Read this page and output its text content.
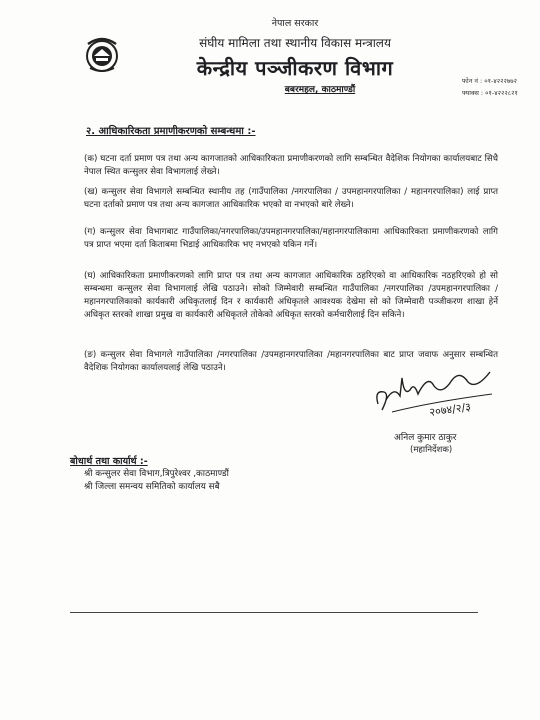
नेपाल सरकार
संघीय मामिला तथा स्थानीय विकास मन्त्रालय
केन्द्रीय पञ्जीकरण विभाग
बबरमहल, काठमाण्डौं
फोन नं : ०१-४२२२७७२
फ्याक्स : ०१-४२२२८२१
२. आधिकारिकता प्रमाणीकरणको सम्बन्धमा :-

(क) घटना दर्ता प्रमाण पत्र तथा अन्य कागजातको आधिकारिकता प्रमाणीकरणको लागि सम्बन्धित वैदेशिक नियोगका कार्यालयबाट सिधै नेपाल स्थित कन्सुलर सेवा विभागलाई लेख्ने।

(ख) कन्सुलर सेवा विभागले सम्बन्धित स्थानीय तह (गाउँपालिका /नगरपालिका / उपमहानगरपालिका / महानगरपालिका) लाई प्राप्त घटना दर्ताको प्रमाण पत्र तथा अन्य कागजात आधिकारिक भएको वा नभएको बारे लेख्ने।

(ग) कन्सुलर सेवा विभागबाट गाउँपालिका/नगरपालिका/उपमहानगरपालिका/महानगरपालिकामा आधिकारिकता प्रमाणीकरणको लागि पत्र प्राप्त भएमा दर्ता किताबमा भिडाई आधिकारिक भए नभएको यकिन गर्ने।

(घ) आधिकारिकता प्रमाणीकरणको लागि प्राप्त पत्र तथा अन्य कागजात आधिकारिक ठहरिएको वा आधिकारिक नठहरिएको हो सो सम्बन्धमा कन्सुलर सेवा विभागलाई लेखि पठाउने। सोको जिम्मेवारी सम्बन्धित गाउँपालिका /नगरपालिका /उपमहानगरपालिका /महानगरपालिकाको कार्यकारी अधिकृतलाई दिन र कार्यकारी अधिकृतले आवश्यक देखेमा सो को जिम्मेवारी पञ्जीकरण शाखा हेर्ने अधिकृत स्तरको शाखा प्रमुख वा कार्यकारी अधिकृतले तोकेको अधिकृत स्तरको कर्मचारीलाई दिन सकिने।

(ङ) कन्सुलर सेवा विभागले गाउँपालिका /नगरपालिका /उपमहानगरपालिका /महानगरपालिका बाट प्राप्त जवाफ अनुसार सम्बन्धित वैदेशिक नियोगका कार्यालयलाई लेखि पठाउने।

२०७४/२/३
अनिल कुमार ठाकुर
(महानिर्देशक)
बोधार्थ तथा कार्यार्थ :-
श्री कन्सुलर सेवा विभाग,त्रिपुरेश्वर ,काठमाण्डौं
श्री जिल्ला समन्वय समितिको कार्यालय सबै
